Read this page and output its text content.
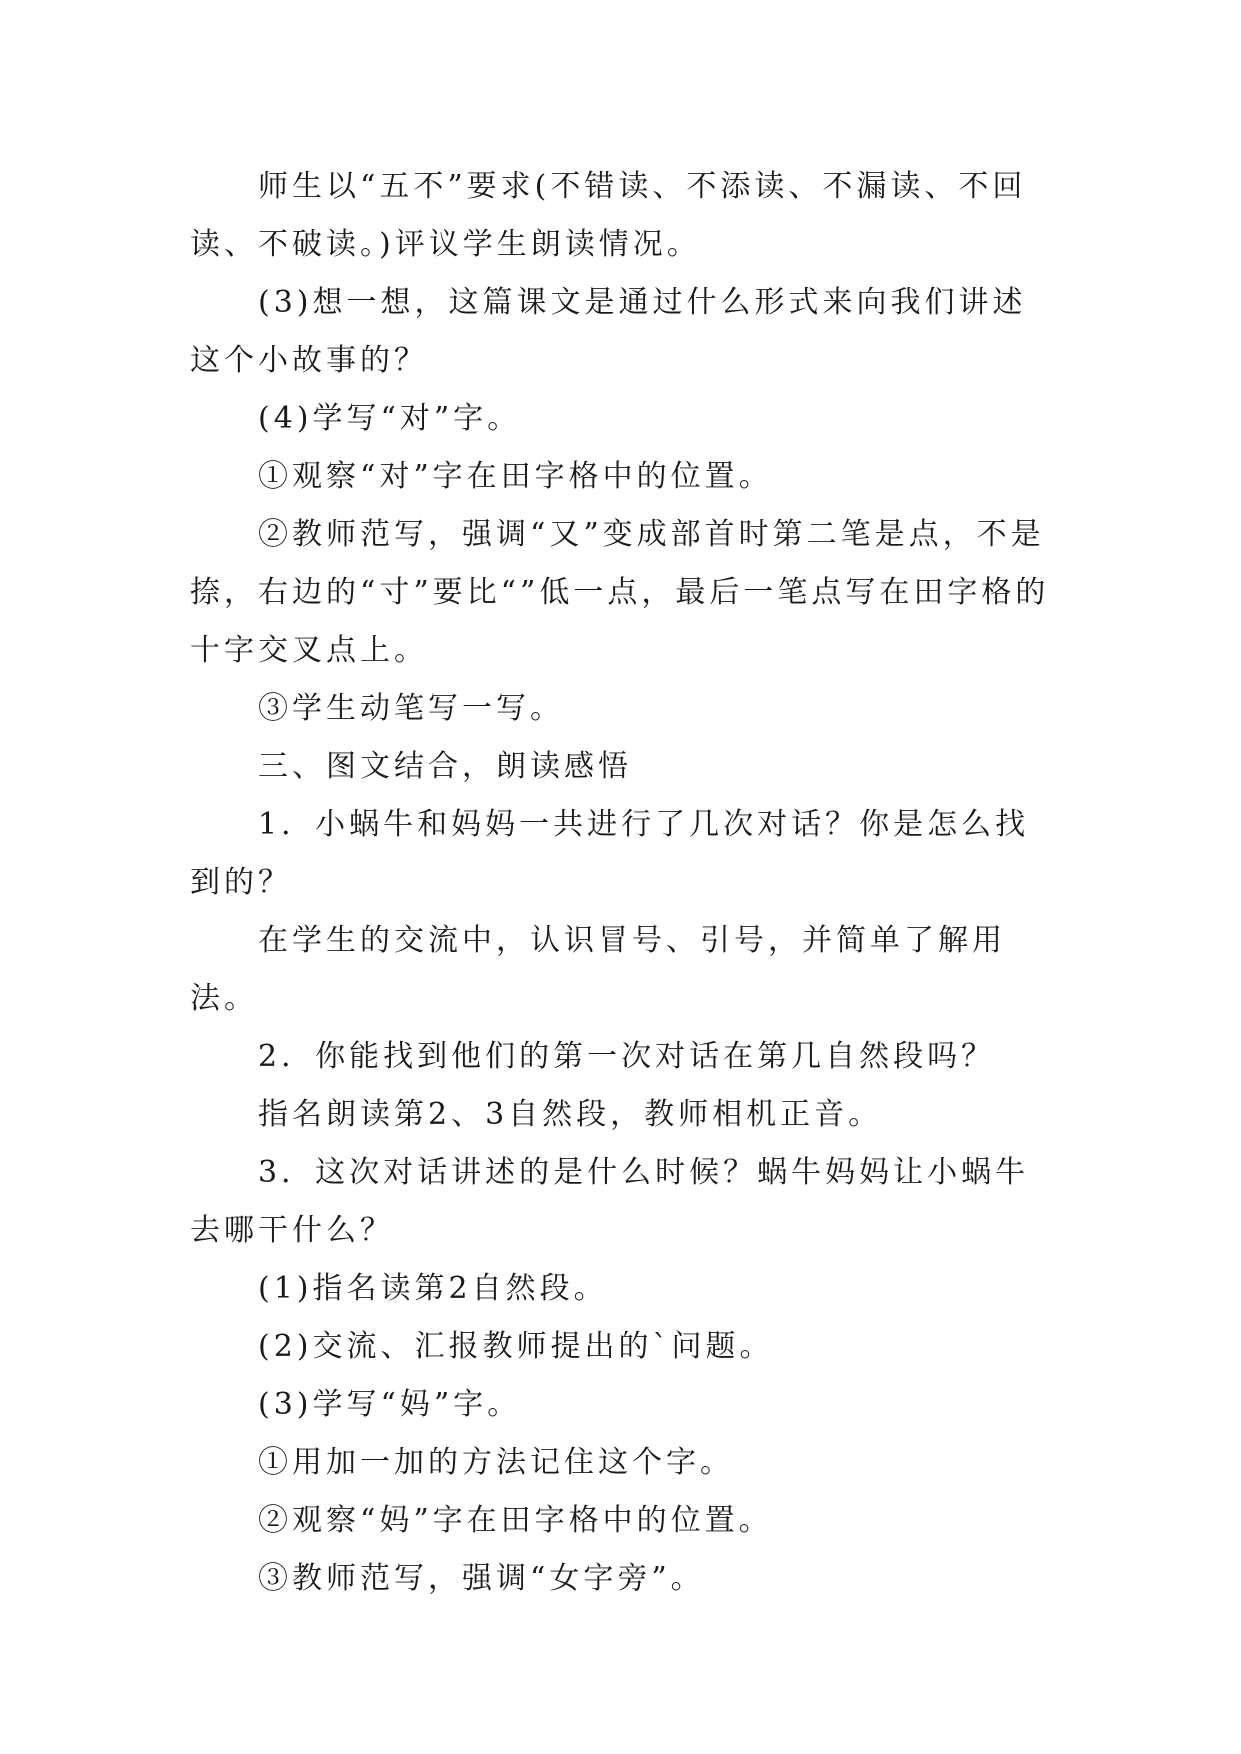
师生以“五不”要求(不错读、不添读、不漏读、不回读、不破读。)评议学生朗读情况。

(3)想一想，这篇课文是通过什么形式来向我们讲述这个小故事的？

(4)学写“对”字。

①观察“对”字在田字格中的位置。

②教师范写，强调“又”变成部首时第二笔是点，不是捺，右边的“寸”要比“”低一点，最后一笔点写在田字格的十字交叉点上。

③学生动笔写一写。

三、图文结合，朗读感悟

1．小蜗牛和妈妈一共进行了几次对话？你是怎么找到的？

在学生的交流中，认识冒号、引号，并简单了解用法。

2．你能找到他们的第一次对话在第几自然段吗？

指名朗读第2、3自然段，教师相机正音。

3．这次对话讲述的是什么时候？蜗牛妈妈让小蜗牛去哪干什么？

(1)指名读第2自然段。

(2)交流、汇报教师提出的`问题。

(3)学写“妈”字。

①用加一加的方法记住这个字。

②观察“妈”字在田字格中的位置。

③教师范写，强调“女字旁”。
